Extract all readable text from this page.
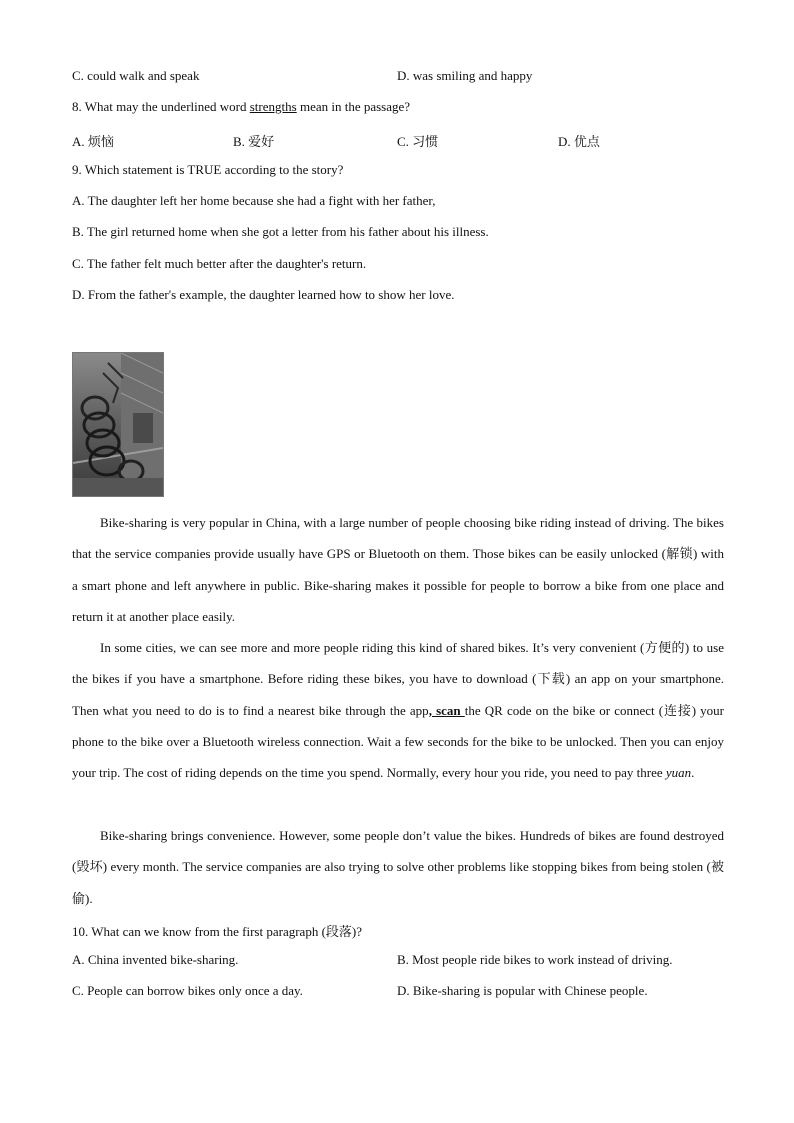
C. could walk and speak	D. was smiling and happy
8. What may the underlined word strengths mean in the passage?
A. 烦恼	B. 爱好	C. 习惯	D. 优点
9. Which statement is TRUE according to the story?
A. The daughter left her home because she had a fight with her father,
B. The girl returned home when she got a letter from his father about his illness.
C. The father felt much better after the daughter's return.
D. From the father's example, the daughter learned how to show her love.
Bike-sharing is very popular in China, with a large number of people choosing bike riding instead of driving. The bikes that the service companies provide usually have GPS or Bluetooth on them. Those bikes can be easily unlocked (解锁) with a smart phone and left anywhere in public. Bike-sharing makes it possible for people to borrow a bike from one place and return it at another place easily.
In some cities, we can see more and more people riding this kind of shared bikes. It’s very convenient (方便的) to use the bikes if you have a smartphone. Before riding these bikes, you have to download (下载) an app on your smartphone. Then what you need to do is to find a nearest bike through the app, scan the QR code on the bike or connect (连接) your phone to the bike over a Bluetooth wireless connection. Wait a few seconds for the bike to be unlocked. Then you can enjoy your trip. The cost of riding depends on the time you spend. Normally, every hour you ride, you need to pay three yuan.
Bike-sharing brings convenience. However, some people don’t value the bikes. Hundreds of bikes are found destroyed (毁坏) every month. The service companies are also trying to solve other problems like stopping bikes from being stolen (被偷).
10. What can we know from the first paragraph (段落)?
A. China invented bike-sharing.	B. Most people ride bikes to work instead of driving.
C. People can borrow bikes only once a day.	D. Bike-sharing is popular with Chinese people.
